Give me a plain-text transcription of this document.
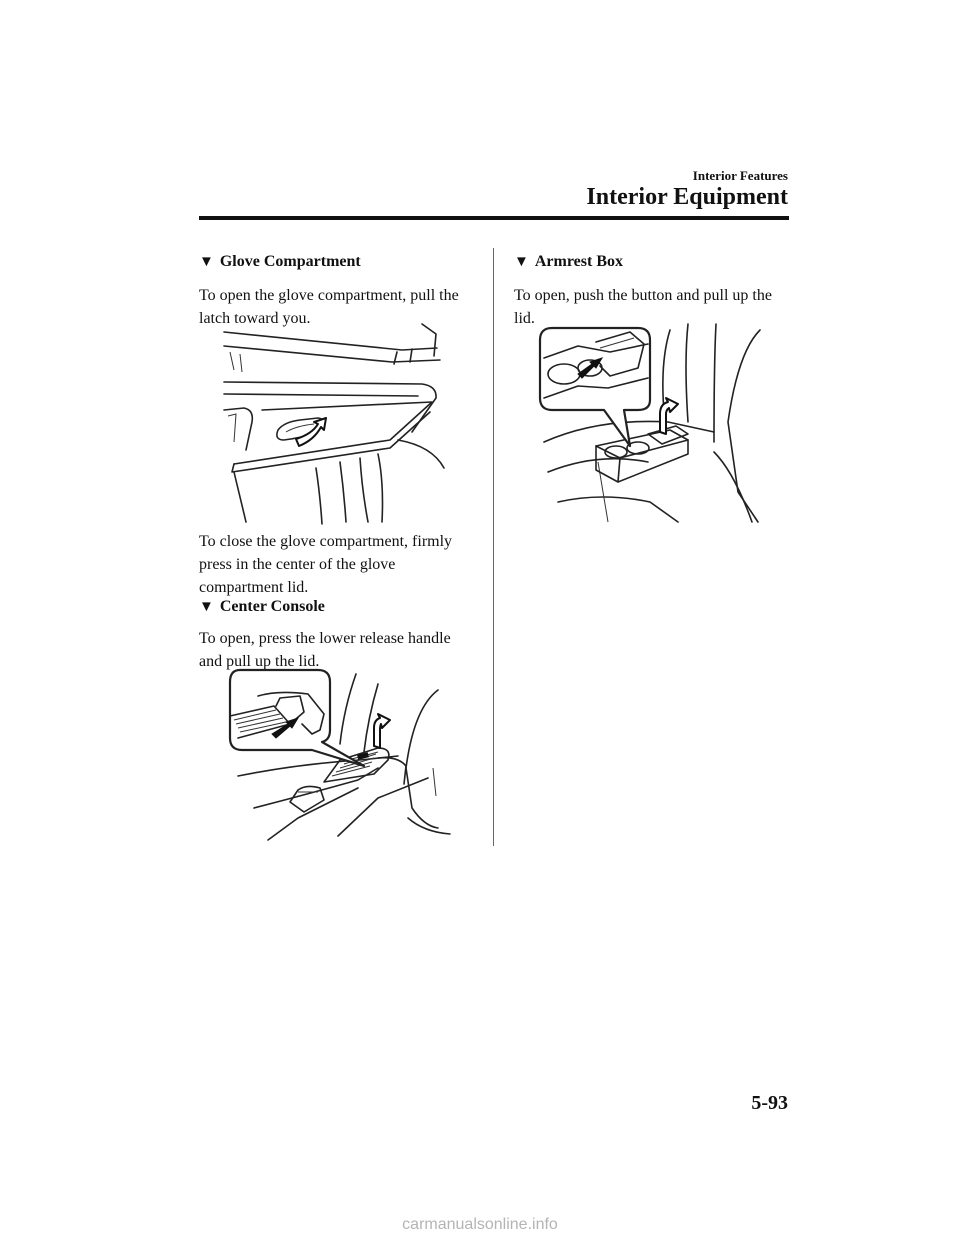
Interior Features
Interior Equipment
▼ Glove Compartment
To open the glove compartment, pull the latch toward you.
To close the glove compartment, firmly press in the center of the glove compartment lid.
▼ Center Console
To open, press the lower release handle and pull up the lid.
▼ Armrest Box
To open, push the button and pull up the lid.
5-93
carmanualsonline.info
